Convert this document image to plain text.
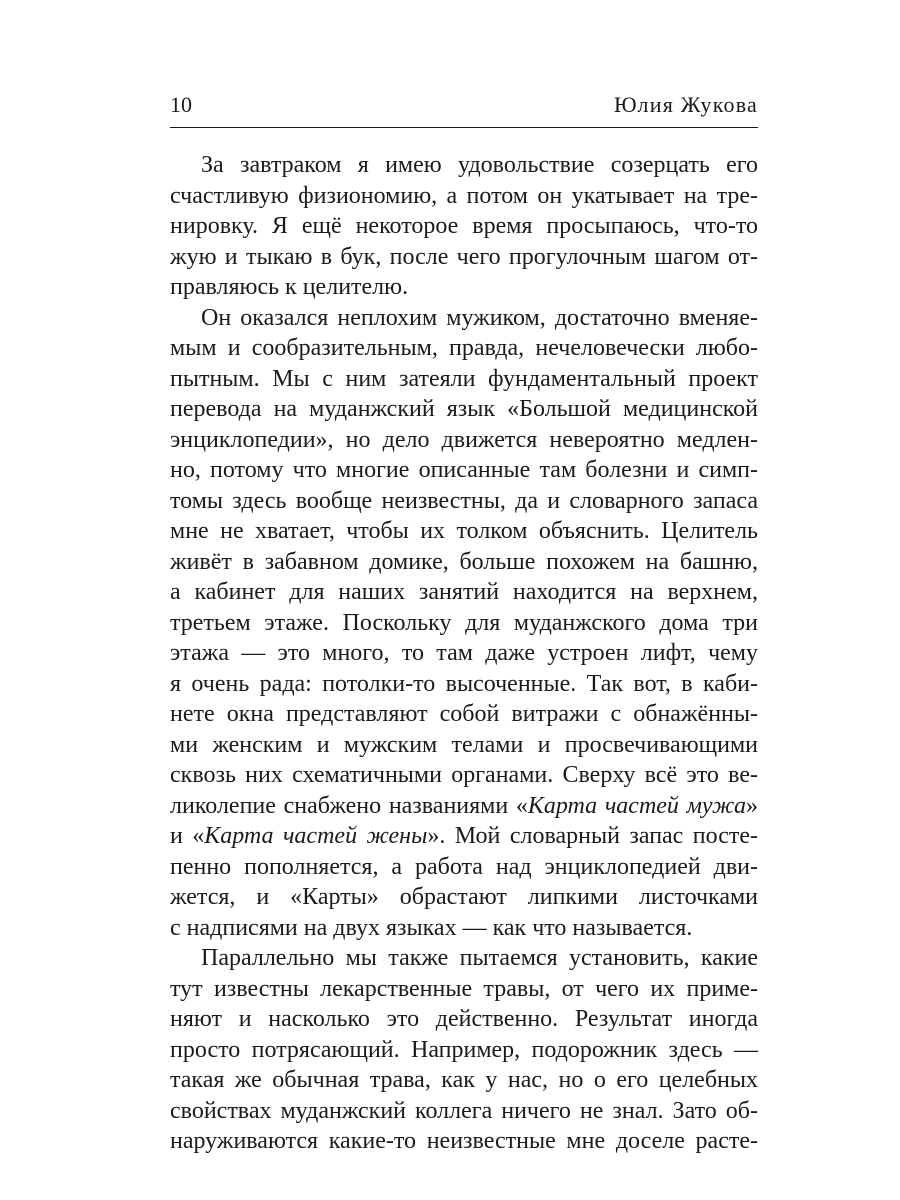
10	Юлия Жукова
За завтраком я имею удовольствие созерцать его
счастливую физиономию, а потом он укатывает на тре-
нировку. Я ещё некоторое время просыпаюсь, что-то
жую и тыкаю в бук, после чего прогулочным шагом от-
правляюсь к целителю.
Он оказался неплохим мужиком, достаточно вменяе-
мым и сообразительным, правда, нечеловечески любо-
пытным. Мы с ним затеяли фундаментальный проект
перевода на муданжский язык «Большой медицинской
энциклопедии», но дело движется невероятно медлен-
но, потому что многие описанные там болезни и симп-
томы здесь вообще неизвестны, да и словарного запаса
мне не хватает, чтобы их толком объяснить. Целитель
живёт в забавном домике, больше похожем на башню,
а кабинет для наших занятий находится на верхнем,
третьем этаже. Поскольку для муданжского дома три
этажа — это много, то там даже устроен лифт, чему
я очень рада: потолки-то высоченные. Так вот, в каби-
нете окна представляют собой витражи с обнажённы-
ми женским и мужским телами и просвечивающими
сквозь них схематичными органами. Сверху всё это ве-
ликолепие снабжено названиями «Карта частей мужа»
и «Карта частей жены». Мой словарный запас посте-
пенно пополняется, а работа над энциклопедией дви-
жется, и «Карты» обрастают липкими листочками
с надписями на двух языках — как что называется.
Параллельно мы также пытаемся установить, какие
тут известны лекарственные травы, от чего их приме-
няют и насколько это действенно. Результат иногда
просто потрясающий. Например, подорожник здесь —
такая же обычная трава, как у нас, но о его целебных
свойствах муданжский коллега ничего не знал. Зато об-
наруживаются какие-то неизвестные мне доселе расте-
